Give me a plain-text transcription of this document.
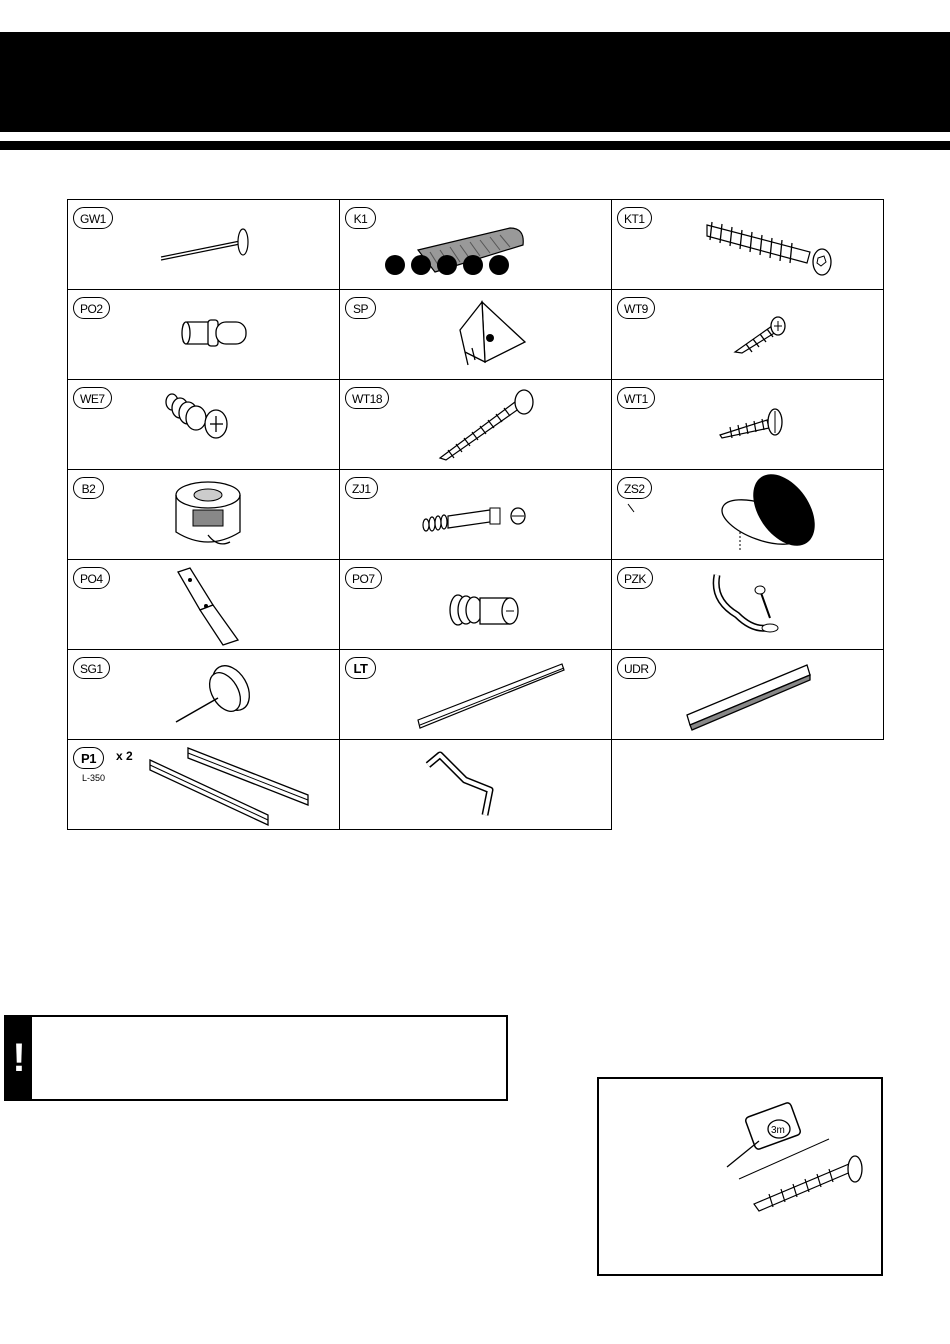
GW1	K1	KT1

PO2	SP	WT9

WE7	WT18	WT1

B2	ZJ1	ZS2

PO4	PO7	PZK

SG1	LT	UDR

P1 x 2
L-350

!
3m
